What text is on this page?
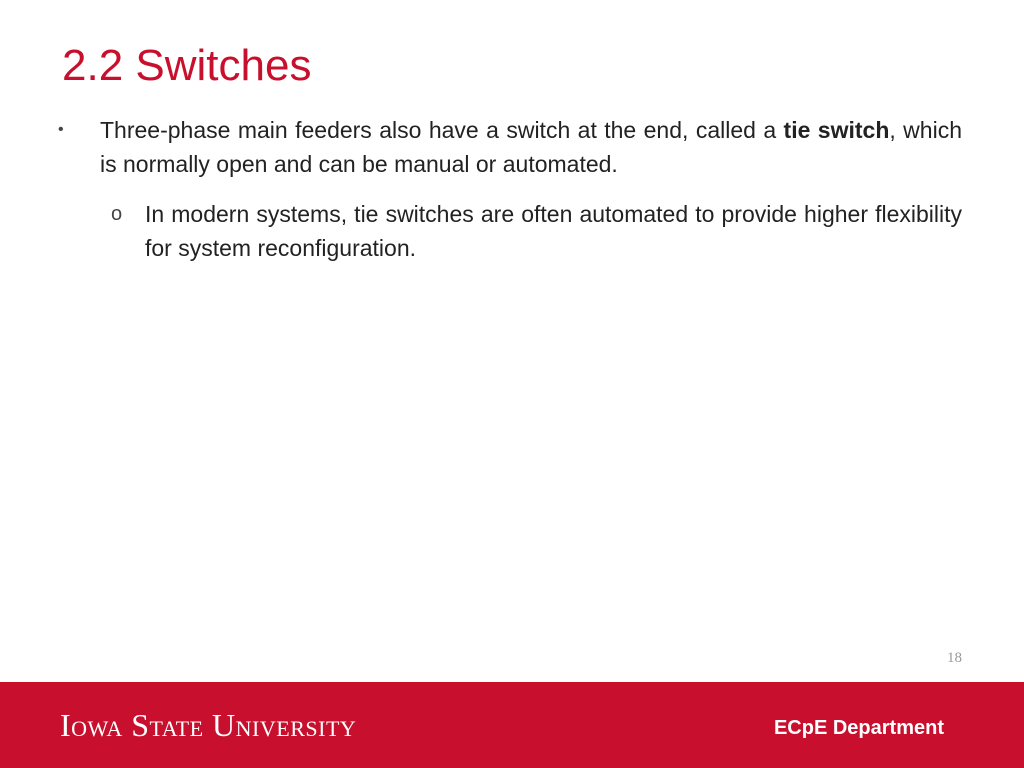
2.2 Switches
• Three-phase main feeders also have a switch at the end, called a tie switch, which is normally open and can be manual or automated.
o In modern systems, tie switches are often automated to provide higher flexibility for system reconfiguration.
18
Iowa State University	ECpE Department
